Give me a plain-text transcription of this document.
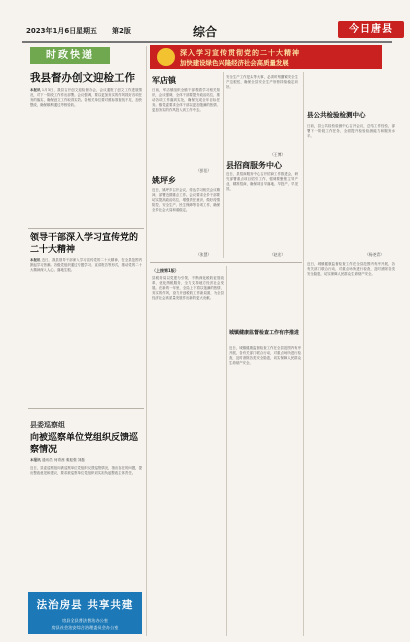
2023年1月6日 星期五 第2版	综合	今日唐县
时政快递
我县督办创文迎检工作
本报讯 1月3日，我县召开创文迎检督办会，会议通报了创文工作进展情况，对下一阶段工作作出部署。会议强调，要以更加务实的作风抓好各项任务的落实，确保创文工作取得实效。各相关单位要对照标准查找不足，加快整改，确保顺利通过考核验收。
领导干部深入学习宣传党的二十大精神
本报讯 近日，我县领导干部深入学习宣传党的二十大精神，在全县范围内掀起学习热潮。各级党组织通过专题学习、宣讲报告等形式，推动党的二十大精神深入人心、落地生根。
县委巡察组
向被巡察单位党组织反馈巡察情况
本报讯 通讯员 何青茜 秦振强 刘磊
近日，县委巡察组向被巡察单位党组织反馈巡察情况，指出存在的问题，提出整改意见和建议，要求被巡察单位党组织切实担负起整改主体责任。
法治房县 共享共建
房县全县普法普治办公室
房县社会治安综合治理委员会办公室
深入学习宣传贯彻党的二十大精神
加快建设绿色兴隆经济社会高质量发展
军店镇
日前，军店镇组织全镇干部观看学习相关知识，会议强调，全体干部要提升政治站位，推动各项工作落到实处，确保完成全年目标任务。镇党委要求全体干部以更加饱满的热情、更加务实的作风投入到工作中去。
（彭佳）
姚坪乡
近日，姚坪乡召开会议，传达学习相关会议精神，部署近期重点工作。会议要求全乡干部要切实提高政治站位，增强责任意识，做好疫情防控、安全生产、民生保障等各项工作，确保全乡社会大局和谐稳定。
（张慧）
安全生产工作是头等大事，必须时刻绷紧安全生产这根弦，确保全县安全生产形势持续稳定向好。
（王博）
县招商服务中心
近日，县招商服务中心召开招商工作推进会，研究部署重点项目招引工作，强调要聚焦主导产业，精准招商，确保项目早落地、早投产、早见效。
（赵宏）
（上接第1版）
县税务局以党建为引领，不断深化税收征管改革，优化纳税服务，全力支持地方经济社会发展。在新的一年里，全局上下将以饱满的热情、务实的作风，奋力开创税收工作新局面，为全县经济社会高质量发展作出新的更大贡献。
城镇健康监督检查工作有序推进
近日，城镇健康监督检查工作在全县范围内有序开展，各有关部门联合行动，对重点场所进行检查，及时消除各类安全隐患，切实保障人民群众生命财产安全。
县公共检验检测中心
日前，县公共检验检测中心召开会议，总结工作经验，部署下一阶段工作任务，全面提升检验检测能力和服务水平。
（杨尧青）
近日，城镇健康监督检查工作在全县范围内有序开展，各有关部门联合行动，对重点场所进行检查，及时消除各类安全隐患，切实保障人民群众生命财产安全。
